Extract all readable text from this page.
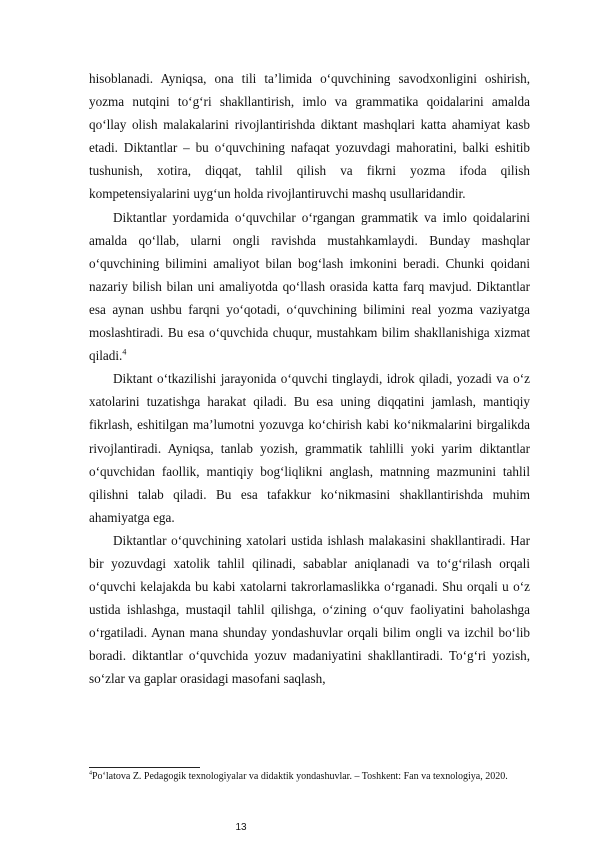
hisoblanadi. Ayniqsa, ona tili ta’limida o‘quvchining savodxonligini oshirish, yozma nutqini to‘g‘ri shakllantirish, imlo va grammatika qoidalarini amalda qo‘llay olish malakalarini rivojlantirishda diktant mashqlari katta ahamiyat kasb etadi. Diktantlar – bu o‘quvchining nafaqat yozuvdagi mahoratini, balki eshitib tushunish, xotira, diqqat, tahlil qilish va fikrni yozma ifoda qilish kompetensiyalarini uyg‘un holda rivojlantiruvchi mashq usullaridandir.

Diktantlar yordamida o‘quvchilar o‘rgangan grammatik va imlo qoidalarini amalda qo‘llab, ularni ongli ravishda mustahkamlaydi. Bunday mashqlar o‘quvchining bilimini amaliyot bilan bog‘lash imkonini beradi. Chunki qoidani nazariy bilish bilan uni amaliyotda qo‘llash orasida katta farq mavjud. Diktantlar esa aynan ushbu farqni yo‘qotadi, o‘quvchining bilimini real yozma vaziyatga moslashtiradi. Bu esa o‘quvchida chuqur, mustahkam bilim shakllanishiga xizmat qiladi.$^4$

Diktant o‘tkazilishi jarayonida o‘quvchi tinglaydi, idrok qiladi, yozadi va o‘z xatolarini tuzatishga harakat qiladi. Bu esa uning diqqatini jamlash, mantiqiy fikrlash, eshitilgan ma’lumotni yozuvga ko‘chirish kabi ko‘nikmalarini birgalikda rivojlantiradi. Ayniqsa, tanlab yozish, grammatik tahlilli yoki yarim diktantlar o‘quvchidan faollik, mantiqiy bog‘liqlikni anglash, matnning mazmunini tahlil qilishni talab qiladi. Bu esa tafakkur ko‘nikmasini shakllantirishda muhim ahamiyatga ega.

Diktantlar o‘quvchining xatolari ustida ishlash malakasini shakllantiradi. Har bir yozuvdagi xatolik tahlil qilinadi, sabablar aniqlanadi va to‘g‘rilash orqali o‘quvchi kelajakda bu kabi xatolarni takrorlamaslikka o‘rganadi. Shu orqali u o‘z ustida ishlashga, mustaqil tahlil qilishga, o‘zining o‘quv faoliyatini baholashga o‘rgatiladi. Aynan mana shunday yondashuvlar orqali bilim ongli va izchil bo‘lib boradi. diktantlar o‘quvchida yozuv madaniyatini shakllantiradi. To‘g‘ri yozish, so‘zlar va gaplar orasidagi masofani saqlash,

$^4$Po‘latova Z. Pedagogik texnologiyalar va didaktik yondashuvlar. – Toshkent: Fan va texnologiya, 2020.

13
